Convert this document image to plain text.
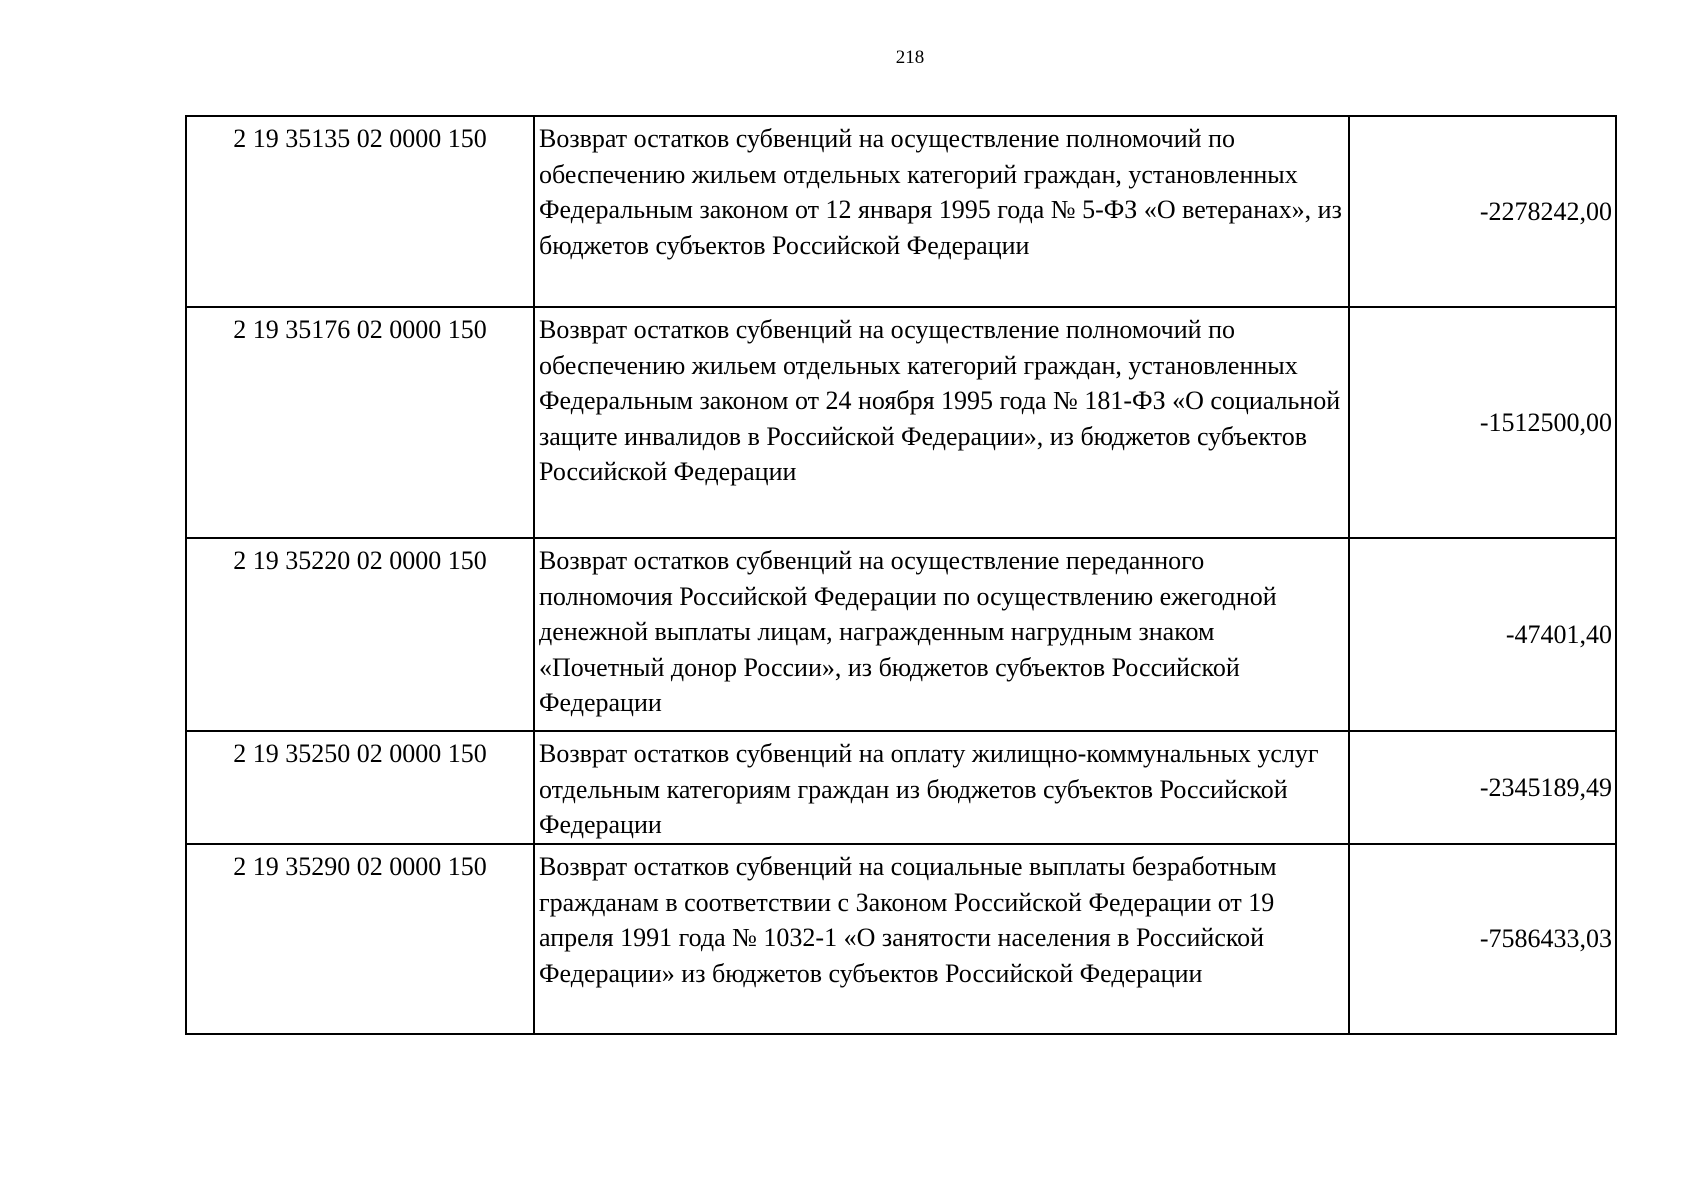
218
2 19 35135 02 0000 150	Возврат остатков субвенций на осуществление полномочий по обеспечению жильем отдельных категорий граждан, установленных Федеральным законом от 12 января 1995 года № 5-ФЗ «О ветеранах», из бюджетов субъектов Российской Федерации	-2278242,00
2 19 35176 02 0000 150	Возврат остатков субвенций на осуществление полномочий по обеспечению жильем отдельных категорий граждан, установленных Федеральным законом от 24 ноября 1995 года № 181-ФЗ «О социальной защите инвалидов в Российской Федерации», из бюджетов субъектов Российской Федерации	-1512500,00
2 19 35220 02 0000 150	Возврат остатков субвенций на осуществление переданного полномочия Российской Федерации по осуществлению ежегодной денежной выплаты лицам, награжденным нагрудным знаком «Почетный донор России», из бюджетов субъектов Российской Федерации	-47401,40
2 19 35250 02 0000 150	Возврат остатков субвенций на оплату жилищно-коммунальных услуг отдельным категориям граждан из бюджетов субъектов Российской Федерации	-2345189,49
2 19 35290 02 0000 150	Возврат остатков субвенций на социальные выплаты безработным гражданам в соответствии с Законом Российской Федерации от 19 апреля 1991 года № 1032-1 «О занятости населения в Российской Федерации» из бюджетов субъектов Российской Федерации	-7586433,03
